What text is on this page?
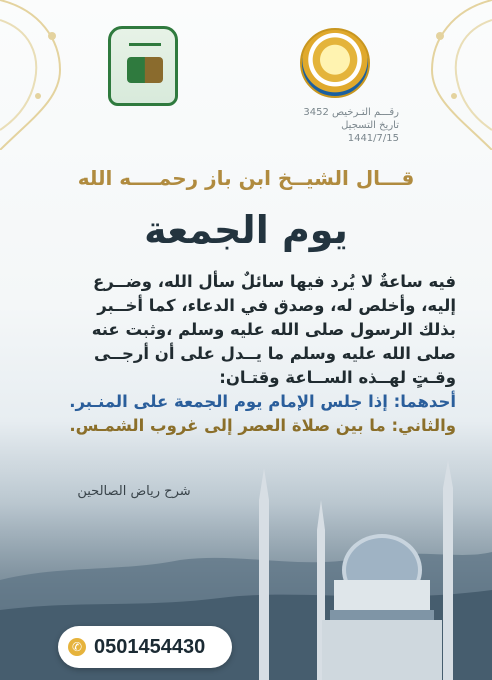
رقـــم التـرخيص 3452
تاريخ التسجيل 1441/7/15
قـــال الشيــخ ابن باز رحمــــه الله
يوم الجمعة
فيه ساعةٌ لا يُرد فيها سائلٌ سأل الله، وضــرع
إليه، وأخلص له، وصدق في الدعاء، كما أخــبر
بذلك الرسول صلى الله عليه وسلم ،وثبت عنه
صلى الله عليه وسلم ما يــدل على أن أرجــى
وقـتٍ لهــذه الســاعة وقتـان:
أحدهما: إذا جلس الإمام يوم الجمعة على المنـبر.
والثاني: ما بين صلاة العصر إلى غروب الشمـس.
✆ 0501454430
